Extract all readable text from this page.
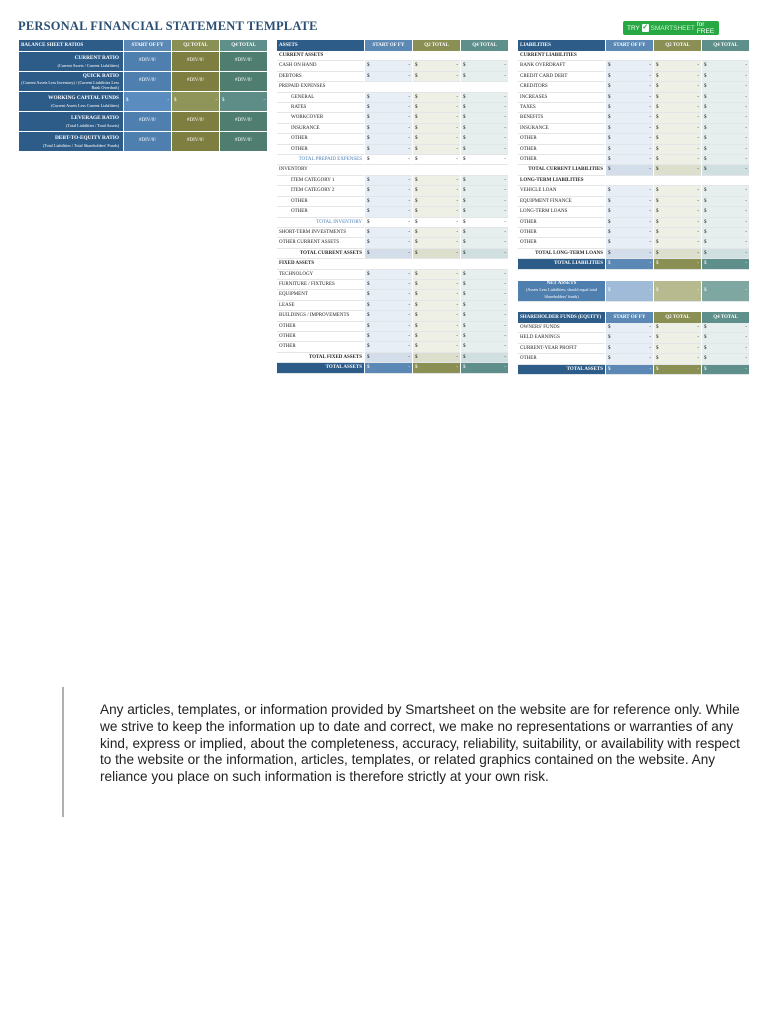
PERSONAL FINANCIAL STATEMENT TEMPLATE	TRY ✓ SMARTSHEET for FREE
BALANCE SHEET RATIOS	START OF FY	Q2 TOTAL	Q4 TOTAL
CURRENT RATIO
(Current Assets / Current Liabilities)	#DIV/0!	#DIV/0!	#DIV/0!
QUICK RATIO
(Current Assets Less Inventory) / (Current Liabilities Less Bank Overdraft)	#DIV/0!	#DIV/0!	#DIV/0!
WORKING CAPITAL FUNDS
(Current Assets Less Current Liabilities)	$ -	$ -	$ -

LEVERAGE RATIO
(Total Liabilities / Total Assets)	#DIV/0!	#DIV/0!	#DIV/0!
DEBT-TO-EQUITY RATIO
(Total Liabilities / Total Shareholders' Funds)	#DIV/0!	#DIV/0!	#DIV/0!
ASSETS	START OF FY	Q2 TOTAL	Q4 TOTAL
CURRENT ASSETS			
CASH ON HAND	$ -	$ -	$ -

DEBTORS	$ -	$ -	$ -

PREPAID EXPENSES			
GENERAL	$ -	$ -	$ -

RATES	$ -	$ -	$ -

WORKCOVER	$ -	$ -	$ -

INSURANCE	$ -	$ -	$ -

OTHER	$ -	$ -	$ -

OTHER	$ -	$ -	$ -

TOTAL PREPAID EXPENSES	$ -	$ -	$ -

INVENTORY			
ITEM CATEGORY 1	$ -	$ -	$ -

ITEM CATEGORY 2	$ -	$ -	$ -

OTHER	$ -	$ -	$ -

OTHER	$ -	$ -	$ -

TOTAL INVENTORY	$ -	$ -	$ -

SHORT-TERM INVESTMENTS	$ -	$ -	$ -

OTHER CURRENT ASSETS	$ -	$ -	$ -

TOTAL CURRENT ASSETS	$ -	$ -	$ -

FIXED ASSETS			
TECHNOLOGY	$ -	$ -	$ -

FURNITURE / FIXTURES	$ -	$ -	$ -

EQUIPMENT	$ -	$ -	$ -

LEASE	$ -	$ -	$ -

BUILDINGS / IMPROVEMENTS	$ -	$ -	$ -

OTHER	$ -	$ -	$ -

OTHER	$ -	$ -	$ -

OTHER	$ -	$ -	$ -

TOTAL FIXED ASSETS	$ -	$ -	$ -

TOTAL ASSETS	$ -	$ -	$ -
LIABILITIES	START OF FY	Q2 TOTAL	Q4 TOTAL
CURRENT LIABILITIES			
BANK OVERDRAFT	$ -	$ -	$ -

CREDIT CARD DEBT	$ -	$ -	$ -

CREDITORS	$ -	$ -	$ -

INCREASES	$ -	$ -	$ -

TAXES	$ -	$ -	$ -

BENEFITS	$ -	$ -	$ -

INSURANCE	$ -	$ -	$ -

OTHER	$ -	$ -	$ -

OTHER	$ -	$ -	$ -

OTHER	$ -	$ -	$ -

TOTAL CURRENT LIABILITIES	$ -	$ -	$ -

LONG-TERM LIABILITIES			
VEHICLE LOAN	$ -	$ -	$ -

EQUIPMENT FINANCE	$ -	$ -	$ -

LONG-TERM LOANS	$ -	$ -	$ -

OTHER	$ -	$ -	$ -

OTHER	$ -	$ -	$ -

OTHER	$ -	$ -	$ -

TOTAL LONG-TERM LOANS	$ -	$ -	$ -

TOTAL LIABILITIES	$ -	$ -	$ -
NET ASSETS
(Assets Less Liabilities; should equal total Shareholders' funds)	
$	-	$	-	$	-
SHAREHOLDER FUNDS (EQUITY)	START OF FY	Q2 TOTAL	Q4 TOTAL
OWNERS' FUNDS	$ -	$ -	$ -

HELD EARNINGS	$ -	$ -	$ -

CURRENT-YEAR PROFIT	$ -	$ -	$ -

OTHER	$ -	$ -	$ -

TOTAL ASSETS	$ -	$ -	$ -

Any articles, templates, or information provided by Smartsheet on the website are for reference only. While we strive to keep the information up to date and correct, we make no representations or warranties of any kind, express or implied, about the completeness, accuracy, reliability, suitability, or availability with respect to the website or the information, articles, templates, or related graphics contained on the website. Any reliance you place on such information is therefore strictly at your own risk.
